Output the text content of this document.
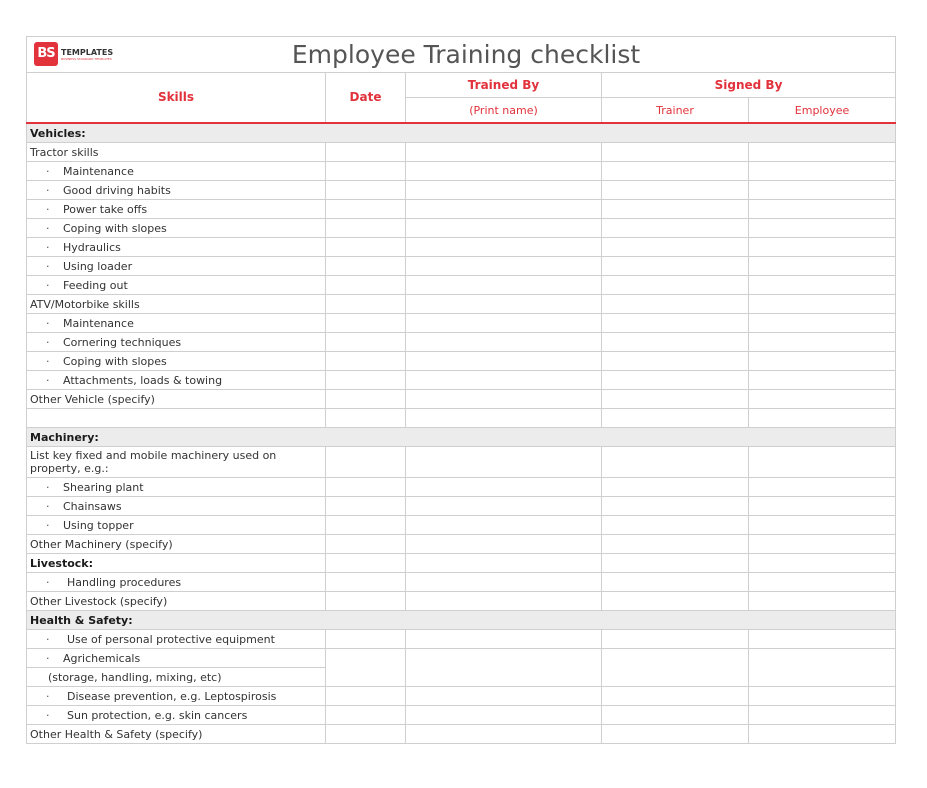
BS TEMPLATES
BUSINESS STANDARD TEMPLATES Employee Training checklist				

Skills	Date	Trained By	Signed By	
		(Print name)	Trainer	Employee
Vehicles:				
Tractor skills				
· Maintenance				
· Good driving habits				
· Power take offs				
· Coping with slopes				
· Hydraulics				
· Using loader				
· Feeding out				
ATV/Motorbike skills				
· Maintenance				
· Cornering techniques				
· Coping with slopes				
· Attachments, loads & towing				
Other Vehicle (specify)				

Machinery:				
List key fixed and mobile machinery used on property, e.g.:				
· Shearing plant				
· Chainsaws				
· Using topper				
Other Machinery (specify)				
Livestock:				
· Handling procedures				
Other Livestock (specify)				
Health & Safety:				
· Use of personal protective equipment				
· Agrichemicals				
(storage, handling, mixing, etc)				
· Disease prevention, e.g. Leptospirosis				
· Sun protection, e.g. skin cancers				
Other Health & Safety (specify)				
